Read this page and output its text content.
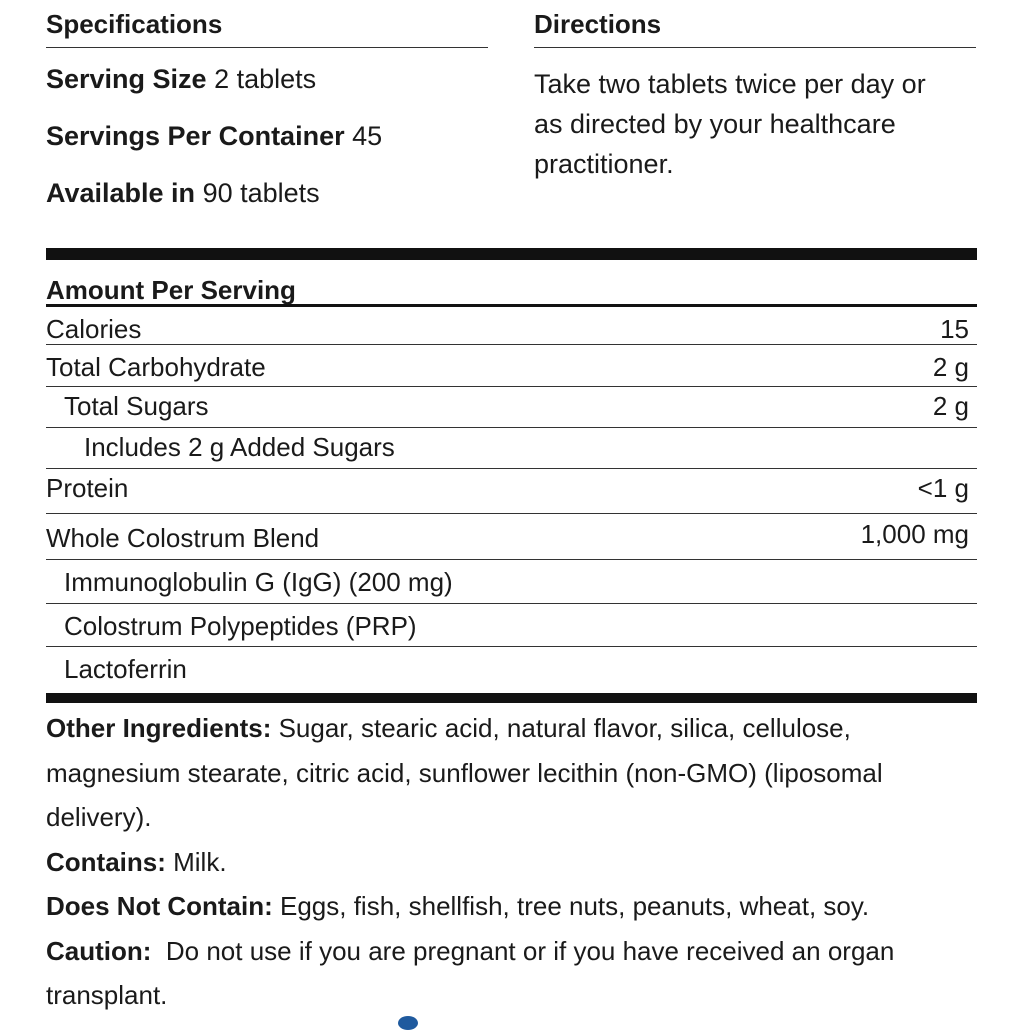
Specifications
Serving Size 2 tablets
Servings Per Container 45
Available in 90 tablets
Directions
Take two tablets twice per day or as directed by your healthcare practitioner.
Amount Per Serving
Calories	15
Total Carbohydrate	2 g
Total Sugars	2 g
Includes 2 g Added Sugars
Protein	<1 g
Whole Colostrum Blend	1,000 mg
Immunoglobulin G (IgG) (200 mg)
Colostrum Polypeptides (PRP)
Lactoferrin

Other Ingredients: Sugar, stearic acid, natural flavor, silica, cellulose, magnesium stearate, citric acid, sunflower lecithin (non-GMO) (liposomal delivery).

Contains: Milk.

Does Not Contain: Eggs, fish, shellfish, tree nuts, peanuts, wheat, soy.

Caution:  Do not use if you are pregnant or if you have received an organ transplant.
